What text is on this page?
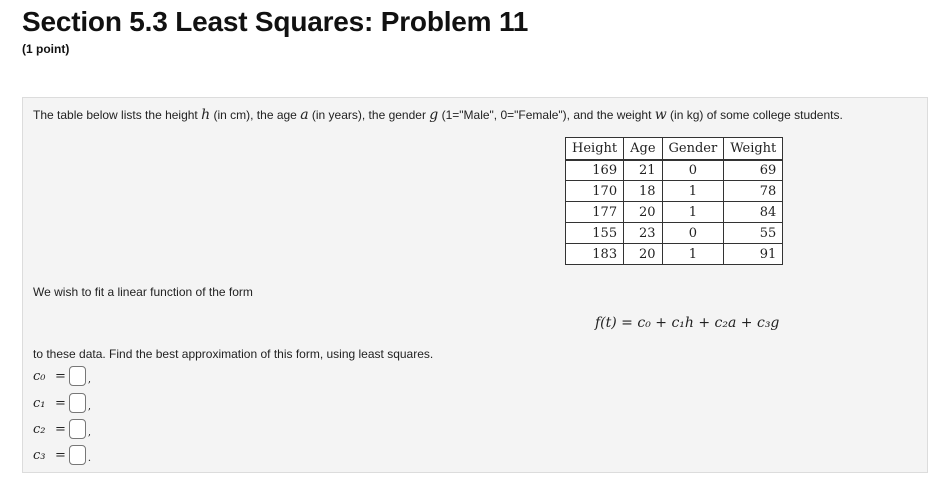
Section 5.3 Least Squares: Problem 11
(1 point)
The table below lists the height h (in cm), the age a (in years), the gender g (1="Male", 0="Female"), and the weight w (in kg) of some college students.
Height	Age	Gender	Weight
169	21	0	69
170	18	1	78
177	20	1	84
155	23	0	55
183	20	1	91
We wish to fit a linear function of the form
f(t) = c₀ + c₁h + c₂a + c₃g
to these data. Find the best approximation of this form, using least squares.
c₀ = ,
c₁ = ,
c₂ = ,
c₃ = .
